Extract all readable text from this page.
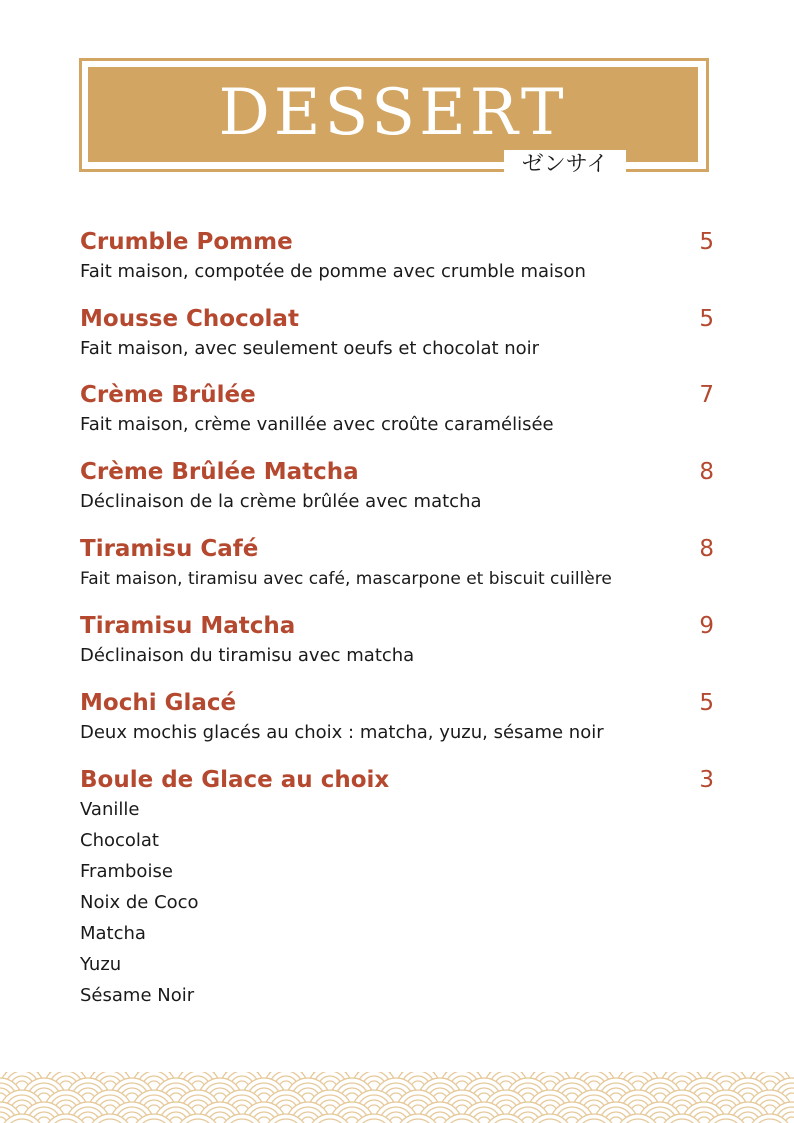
DESSERT
ゼンサイ
Crumble Pomme	5
Fait maison, compotée de pomme avec crumble maison
Mousse Chocolat	5
Fait maison, avec seulement oeufs et chocolat noir
Crème Brûlée	7
Fait maison, crème vanillée avec croûte caramélisée
Crème Brûlée Matcha	8
Déclinaison de la crème brûlée avec matcha
Tiramisu Café	8
Fait maison, tiramisu avec café, mascarpone et biscuit cuillère
Tiramisu Matcha	9
Déclinaison du tiramisu avec matcha
Mochi Glacé	5
Deux mochis glacés au choix : matcha, yuzu, sésame noir
Boule de Glace au choix	3
Vanille
Chocolat
Framboise
Noix de Coco
Matcha
Yuzu
Sésame Noir
